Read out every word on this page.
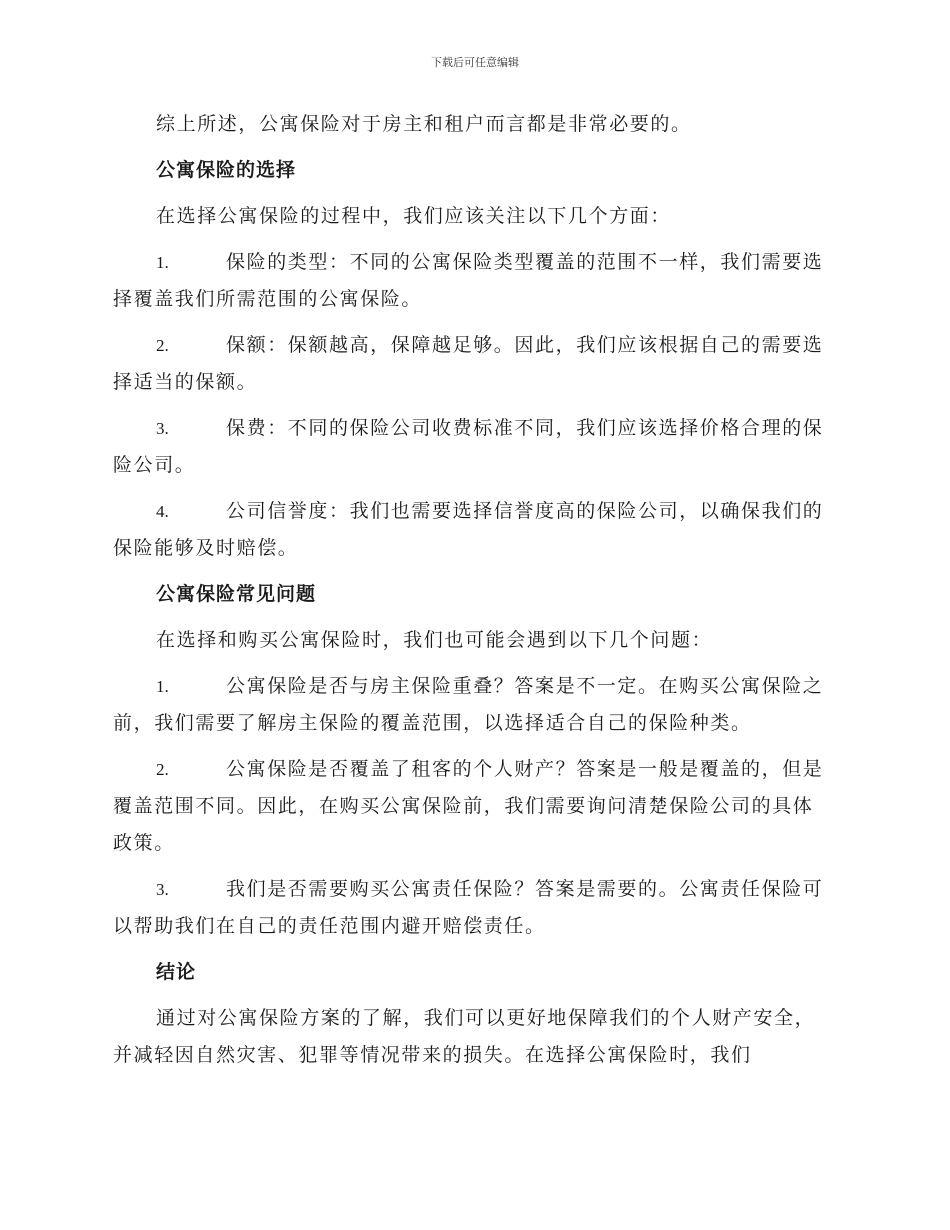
下载后可任意编辑

综上所述，公寓保险对于房主和租户而言都是非常必要的。

公寓保险的选择

在选择公寓保险的过程中，我们应该关注以下几个方面：

1.	保险的类型：不同的公寓保险类型覆盖的范围不一样，我们需要选择覆盖我们所需范围的公寓保险。

2.	保额：保额越高，保障越足够。因此，我们应该根据自己的需要选择适当的保额。

3.	保费：不同的保险公司收费标准不同，我们应该选择价格合理的保险公司。

4.	公司信誉度：我们也需要选择信誉度高的保险公司，以确保我们的保险能够及时赔偿。

公寓保险常见问题

在选择和购买公寓保险时，我们也可能会遇到以下几个问题：

1.	公寓保险是否与房主保险重叠？答案是不一定。在购买公寓保险之前，我们需要了解房主保险的覆盖范围，以选择适合自己的保险种类。

2.	公寓保险是否覆盖了租客的个人财产？答案是一般是覆盖的，但是覆盖范围不同。因此，在购买公寓保险前，我们需要询问清楚保险公司的具体政策。

3.	我们是否需要购买公寓责任保险？答案是需要的。公寓责任保险可以帮助我们在自己的责任范围内避开赔偿责任。

结论

通过对公寓保险方案的了解，我们可以更好地保障我们的个人财产安全，并减轻因自然灾害、犯罪等情况带来的损失。在选择公寓保险时，我们
